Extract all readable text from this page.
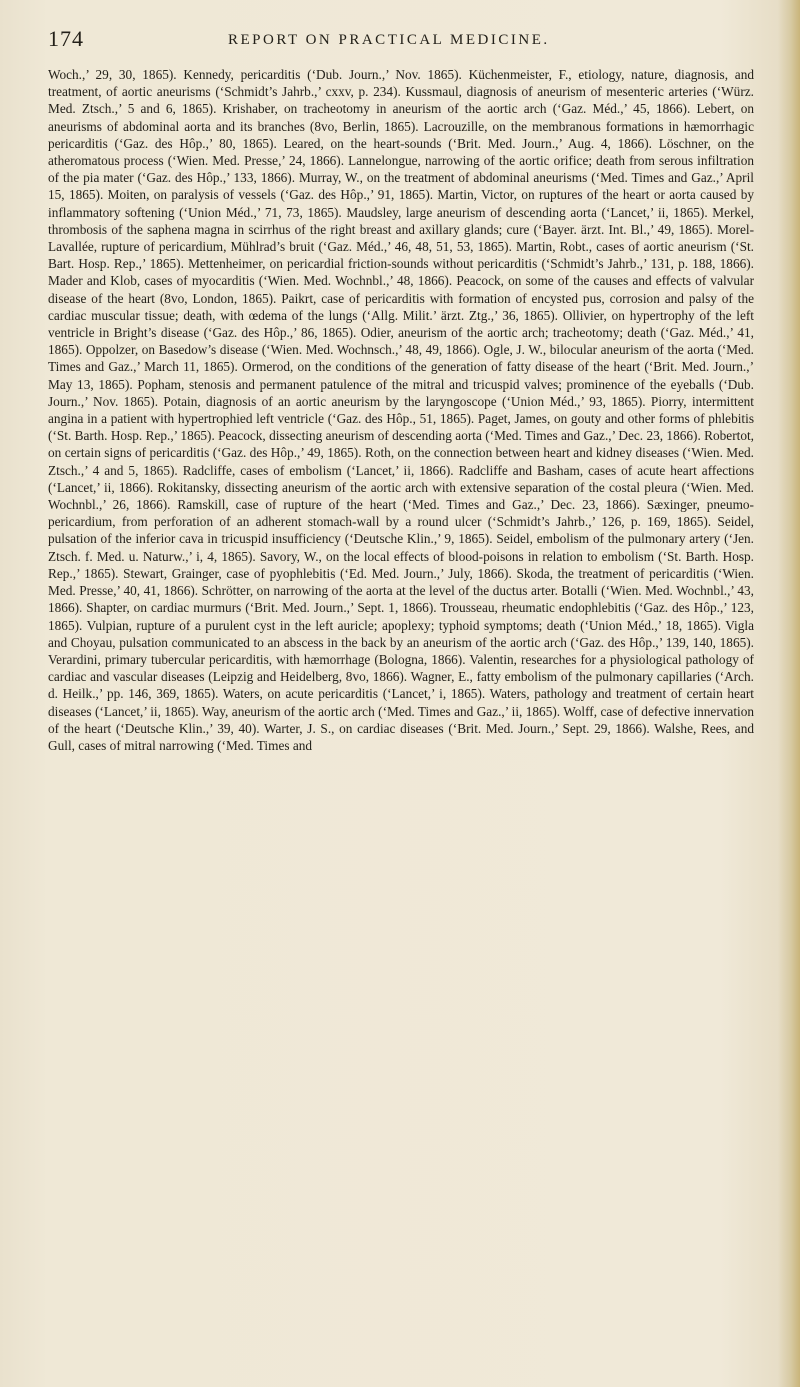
174	REPORT ON PRACTICAL MEDICINE.

Woch.,’ 29, 30, 1865). Kennedy, pericarditis (‘Dub. Journ.,’ Nov. 1865). Küchenmeister, F., etiology, nature, diagnosis, and treatment, of aortic aneurisms (‘Schmidt’s Jahrb.,’ cxxv, p. 234). Kussmaul, diagnosis of aneurism of mesenteric arteries (‘Würz. Med. Ztsch.,’ 5 and 6, 1865). Krishaber, on tracheotomy in aneurism of the aortic arch (‘Gaz. Méd.,’ 45, 1866). Lebert, on aneurisms of abdominal aorta and its branches (8vo, Berlin, 1865). Lacrouzille, on the membranous formations in hæmorrhagic pericarditis (‘Gaz. des Hôp.,’ 80, 1865). Leared, on the heart-sounds (‘Brit. Med. Journ.,’ Aug. 4, 1866). Löschner, on the atheromatous process (‘Wien. Med. Presse,’ 24, 1866). Lannelongue, narrowing of the aortic orifice; death from serous infiltration of the pia mater (‘Gaz. des Hôp.,’ 133, 1866). Murray, W., on the treatment of abdominal aneurisms (‘Med. Times and Gaz.,’ April 15, 1865). Moiten, on paralysis of vessels (‘Gaz. des Hôp.,’ 91, 1865). Martin, Victor, on ruptures of the heart or aorta caused by inflammatory softening (‘Union Méd.,’ 71, 73, 1865). Maudsley, large aneurism of descending aorta (‘Lancet,’ ii, 1865). Merkel, thrombosis of the saphena magna in scirrhus of the right breast and axillary glands; cure (‘Bayer. ärzt. Int. Bl.,’ 49, 1865). Morel-Lavallée, rupture of pericardium, Mühlrad’s bruit (‘Gaz. Méd.,’ 46, 48, 51, 53, 1865). Martin, Robt., cases of aortic aneurism (‘St. Bart. Hosp. Rep.,’ 1865). Mettenheimer, on pericardial friction-sounds without pericarditis (‘Schmidt’s Jahrb.,’ 131, p. 188, 1866). Mader and Klob, cases of myocarditis (‘Wien. Med. Wochnbl.,’ 48, 1866). Peacock, on some of the causes and effects of valvular disease of the heart (8vo, London, 1865). Paikrt, case of pericarditis with formation of encysted pus, corrosion and palsy of the cardiac muscular tissue; death, with œdema of the lungs (‘Allg. Milit.’ ärzt. Ztg.,’ 36, 1865). Ollivier, on hypertrophy of the left ventricle in Bright’s disease (‘Gaz. des Hôp.,’ 86, 1865). Odier, aneurism of the aortic arch; tracheotomy; death (‘Gaz. Méd.,’ 41, 1865). Oppolzer, on Basedow’s disease (‘Wien. Med. Wochnsch.,’ 48, 49, 1866). Ogle, J. W., bilocular aneurism of the aorta (‘Med. Times and Gaz.,’ March 11, 1865). Ormerod, on the conditions of the generation of fatty disease of the heart (‘Brit. Med. Journ.,’ May 13, 1865). Popham, stenosis and permanent patulence of the mitral and tricuspid valves; prominence of the eyeballs (‘Dub. Journ.,’ Nov. 1865). Potain, diagnosis of an aortic aneurism by the laryngoscope (‘Union Méd.,’ 93, 1865). Piorry, intermittent angina in a patient with hypertrophied left ventricle (‘Gaz. des Hôp., 51, 1865). Paget, James, on gouty and other forms of phlebitis (‘St. Barth. Hosp. Rep.,’ 1865). Peacock, dissecting aneurism of descending aorta (‘Med. Times and Gaz.,’ Dec. 23, 1866). Robertot, on certain signs of pericarditis (‘Gaz. des Hôp.,’ 49, 1865). Roth, on the connection between heart and kidney diseases (‘Wien. Med. Ztsch.,’ 4 and 5, 1865). Radcliffe, cases of embolism (‘Lancet,’ ii, 1866). Radcliffe and Basham, cases of acute heart affections (‘Lancet,’ ii, 1866). Rokitansky, dissecting aneurism of the aortic arch with extensive separation of the costal pleura (‘Wien. Med. Wochnbl.,’ 26, 1866). Ramskill, case of rupture of the heart (‘Med. Times and Gaz.,’ Dec. 23, 1866). Sæxinger, pneumo-pericardium, from perforation of an adherent stomach-wall by a round ulcer (‘Schmidt’s Jahrb.,’ 126, p. 169, 1865). Seidel, pulsation of the inferior cava in tricuspid insufficiency (‘Deutsche Klin.,’ 9, 1865). Seidel, embolism of the pulmonary artery (‘Jen. Ztsch. f. Med. u. Naturw.,’ i, 4, 1865). Savory, W., on the local effects of blood-poisons in relation to embolism (‘St. Barth. Hosp. Rep.,’ 1865). Stewart, Grainger, case of pyophlebitis (‘Ed. Med. Journ.,’ July, 1866). Skoda, the treatment of pericarditis (‘Wien. Med. Presse,’ 40, 41, 1866). Schrötter, on narrowing of the aorta at the level of the ductus arter. Botalli (‘Wien. Med. Wochnbl.,’ 43, 1866). Shapter, on cardiac murmurs (‘Brit. Med. Journ.,’ Sept. 1, 1866). Trousseau, rheumatic endophlebitis (‘Gaz. des Hôp.,’ 123, 1865). Vulpian, rupture of a purulent cyst in the left auricle; apoplexy; typhoid symptoms; death (‘Union Méd.,’ 18, 1865). Vigla and Choyau, pulsation communicated to an abscess in the back by an aneurism of the aortic arch (‘Gaz. des Hôp.,’ 139, 140, 1865). Verardini, primary tubercular pericarditis, with hæmorrhage (Bologna, 1866). Valentin, researches for a physiological pathology of cardiac and vascular diseases (Leipzig and Heidelberg, 8vo, 1866). Wagner, E., fatty embolism of the pulmonary capillaries (‘Arch. d. Heilk.,’ pp. 146, 369, 1865). Waters, on acute pericarditis (‘Lancet,’ i, 1865). Waters, pathology and treatment of certain heart diseases (‘Lancet,’ ii, 1865). Way, aneurism of the aortic arch (‘Med. Times and Gaz.,’ ii, 1865). Wolff, case of defective innervation of the heart (‘Deutsche Klin.,’ 39, 40). Warter, J. S., on cardiac diseases (‘Brit. Med. Journ.,’ Sept. 29, 1866). Walshe, Rees, and Gull, cases of mitral narrowing (‘Med. Times and
